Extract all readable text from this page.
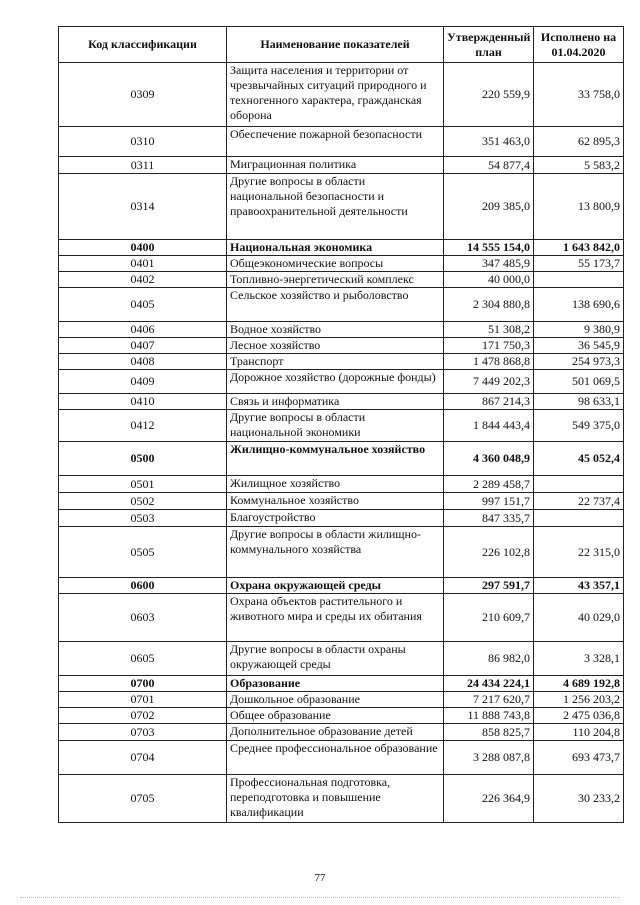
Код классификации	Наименование показателей	Утвержденный план	Исполнено на 01.04.2020
0309	Защита населения и территории от чрезвычайных ситуаций природного и техногенного характера, гражданская оборона	220 559,9	33 758,0
0310	Обеспечение пожарной безопасности	351 463,0	62 895,3
0311	Миграционная политика	54 877,4	5 583,2
0314	Другие вопросы в области национальной безопасности и правоохранительной деятельности	209 385,0	13 800,9
0400	Национальная экономика	14 555 154,0	1 643 842,0
0401	Общеэкономические вопросы	347 485,9	55 173,7
0402	Топливно-энергетический комплекс	40 000,0	
0405	Сельское хозяйство и рыболовство	2 304 880,8	138 690,6
0406	Водное хозяйство	51 308,2	9 380,9
0407	Лесное хозяйство	171 750,3	36 545,9
0408	Транспорт	1 478 868,8	254 973,3
0409	Дорожное хозяйство (дорожные фонды)	7 449 202,3	501 069,5
0410	Связь и информатика	867 214,3	98 633,1
0412	Другие вопросы в области национальной экономики	1 844 443,4	549 375,0
0500	Жилищно-коммунальное хозяйство	4 360 048,9	45 052,4
0501	Жилищное хозяйство	2 289 458,7	
0502	Коммунальное хозяйство	997 151,7	22 737,4
0503	Благоустройство	847 335,7	
0505	Другие вопросы в области жилищно-коммунального хозяйства	226 102,8	22 315,0
0600	Охрана окружающей среды	297 591,7	43 357,1
0603	Охрана объектов растительного и животного мира и среды их обитания	210 609,7	40 029,0
0605	Другие вопросы в области охраны окружающей среды	86 982,0	3 328,1
0700	Образование	24 434 224,1	4 689 192,8
0701	Дошкольное образование	7 217 620,7	1 256 203,2
0702	Общее образование	11 888 743,8	2 475 036,8
0703	Дополнительное образование детей	858 825,7	110 204,8
0704	Среднее профессиональное образование	3 288 087,8	693 473,7
0705	Профессиональная подготовка, переподготовка и повышение квалификации	226 364,9	30 233,2
77
